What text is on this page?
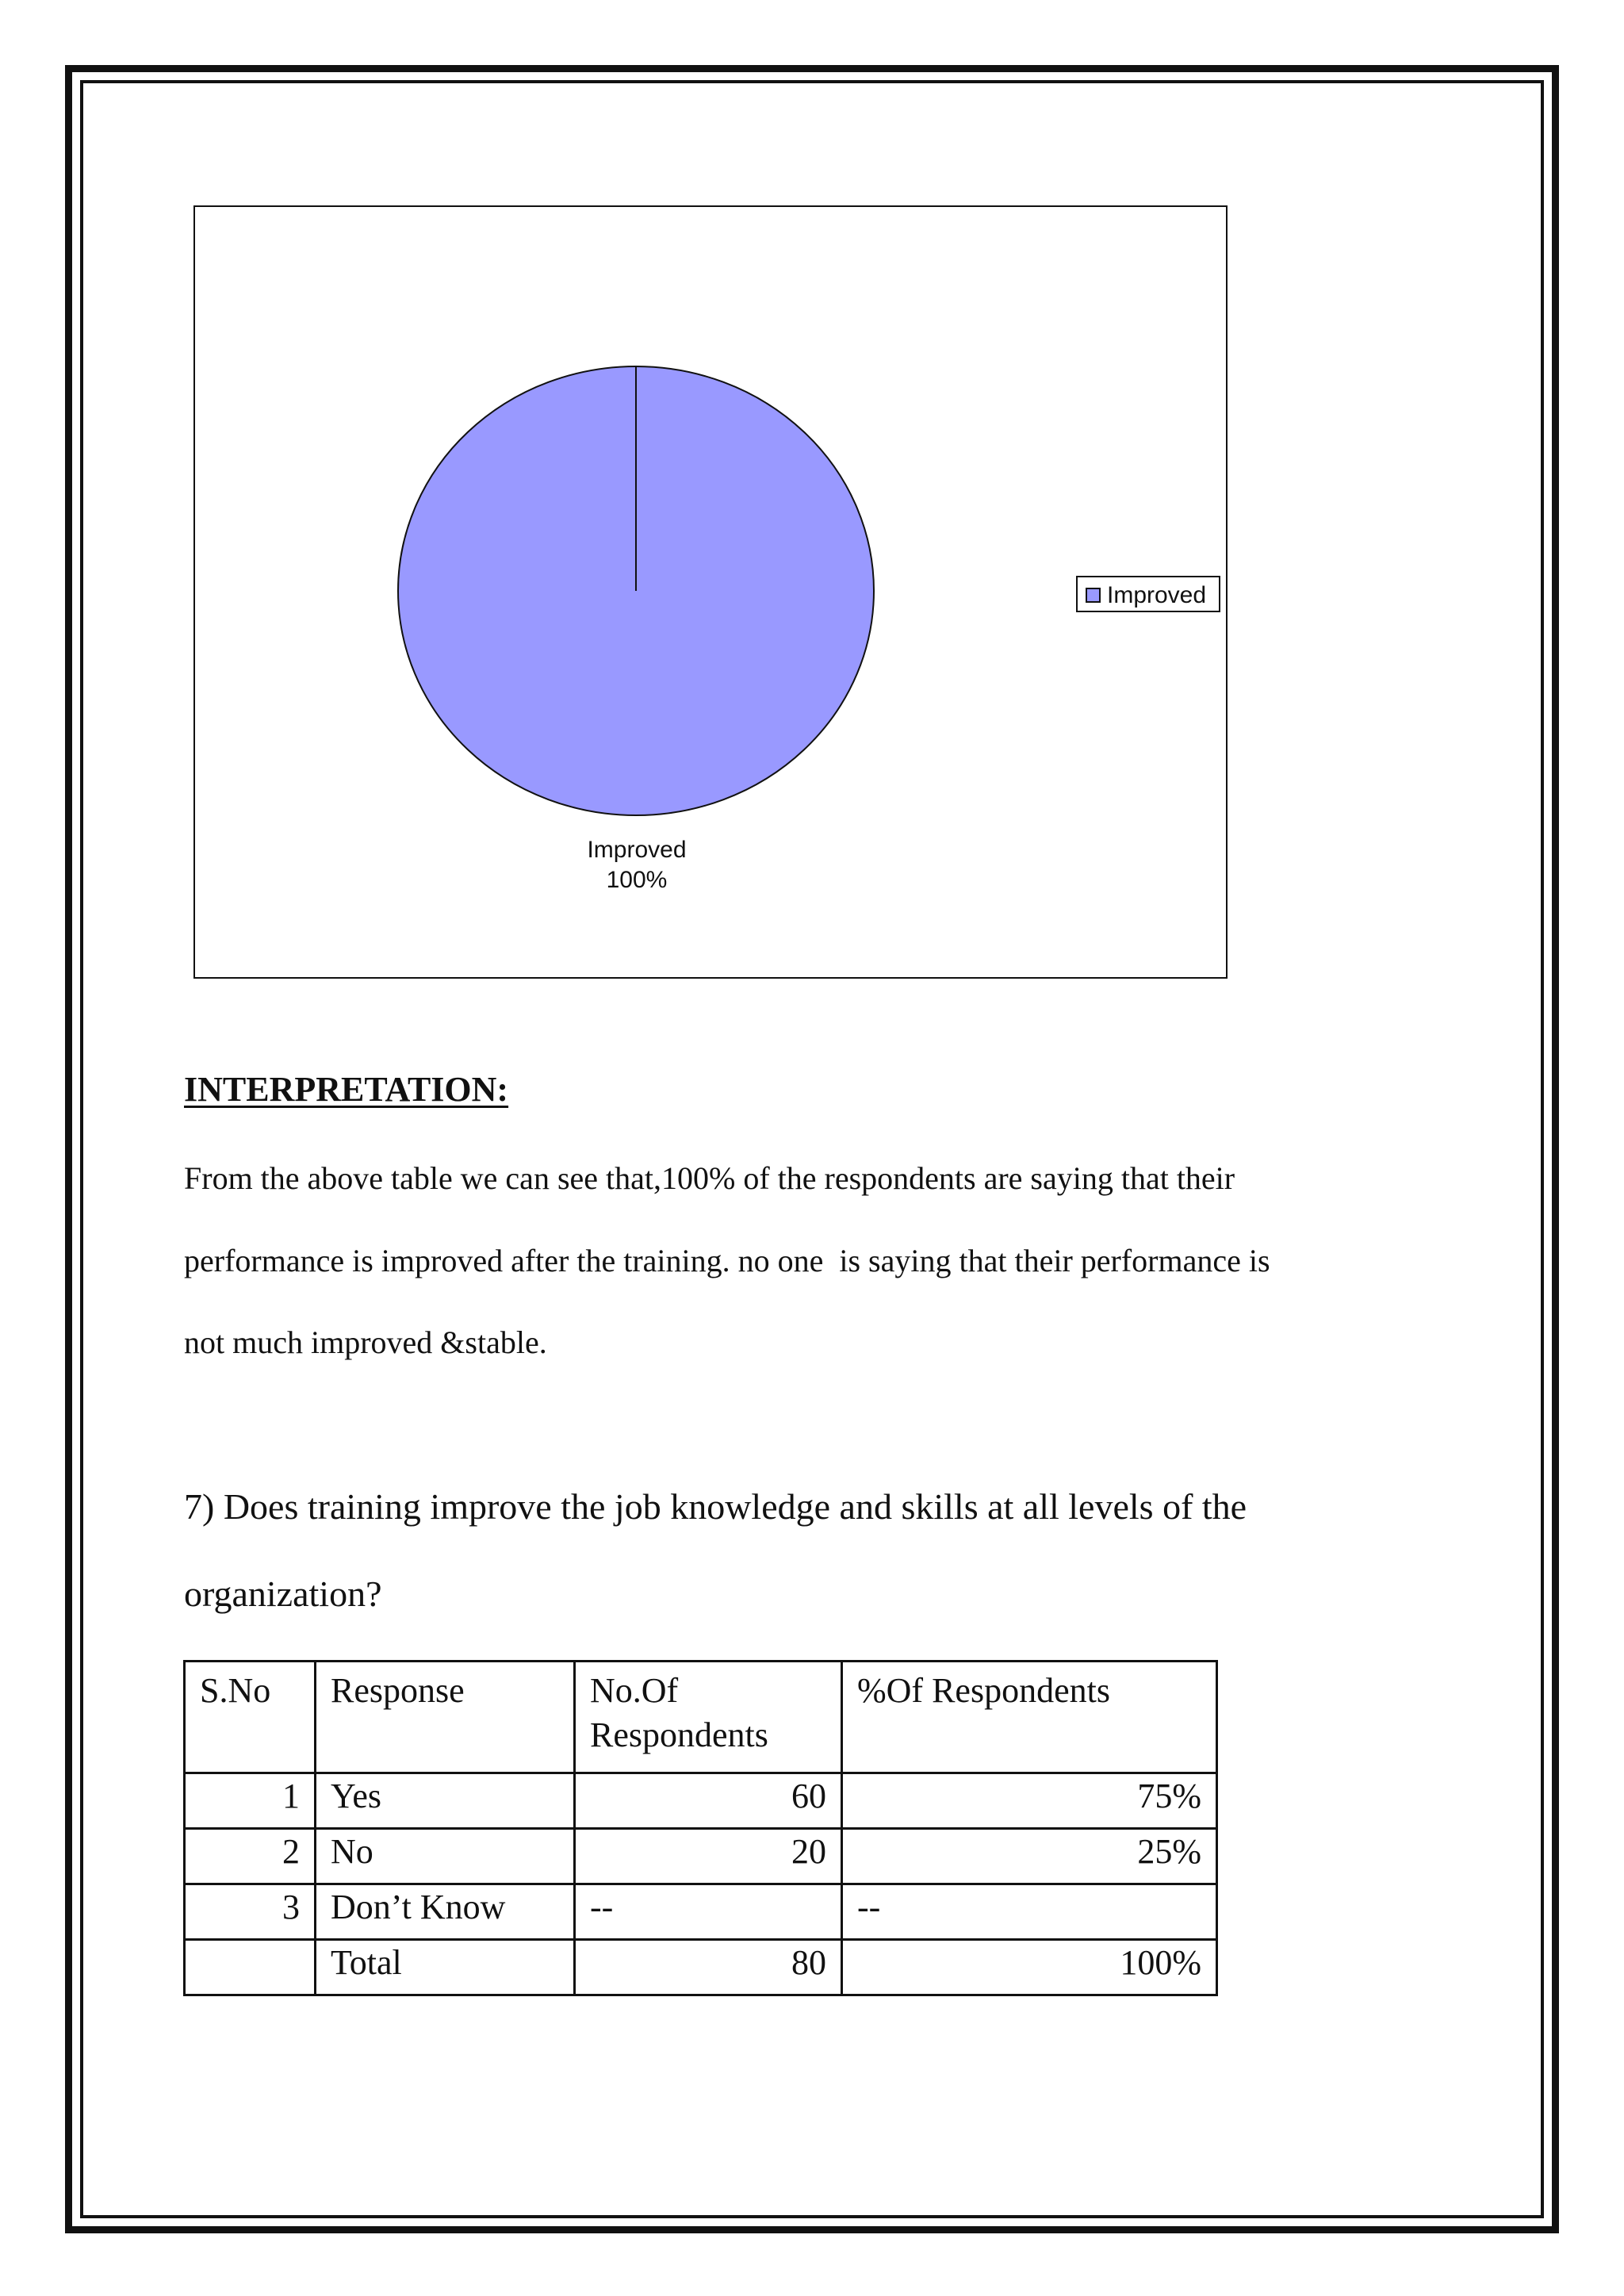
Improved
100%
Improved
INTERPRETATION:
From the above table we can see that,100% of the respondents are saying that their
performance is improved after the training. no one  is saying that their performance is
not much improved &stable.
7) Does training improve the job knowledge and skills at all levels of the
organization?
S.No	Response	No.Of Respondents	%Of Respondents
1	Yes	60	75%
2	No	20	25%
3	Don’t Know	--	--
	Total	80	100%
